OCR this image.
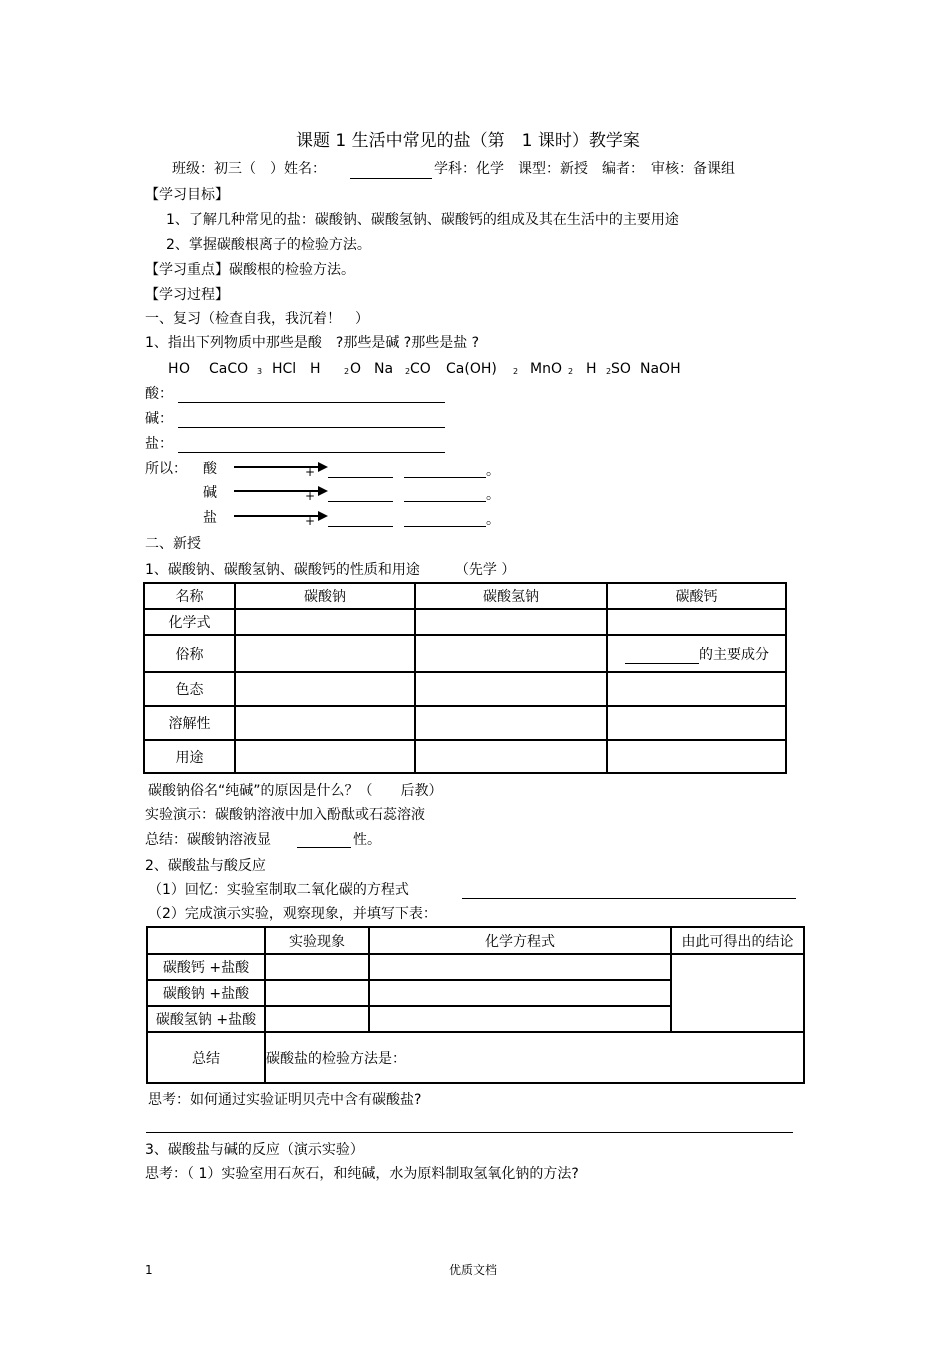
课题 1 生活中常见的盐（第　1 课时）教学案
班级：初三（　）姓名：	学科：化学　课型：新授　编者：　审核：备课组
【学习目标】
1、了解几种常见的盐：碳酸钠、碳酸氢钠、碳酸钙的组成及其在生活中的主要用途
2、掌握碳酸根离子的检验方法。
【学习重点】碳酸根的检验方法。
【学习过程】
一、复习（检查自我，我沉着！　）
1、指出下列物质中那些是酸　?那些是碱 ?那些是盐 ?
H O CaCO 3 HCl H	2 O Na 2 CO Ca(OH) 2 MnO 2 H 2 SO NaOH
酸：
碱：
盐：
所以： 酸	+	。
碱	+	。
盐	+	。
二、新授
1、碳酸钠、碳酸氢钠、碳酸钙的性质和用途　　　（先学 ）
名称	碳酸钠	碳酸氢钠	碳酸钙
化学式			
俗称			的主要成分
色态			
溶解性			
用途			
碳酸钠俗名“纯碱”的原因是什么？（　　后教）
实验演示：碳酸钠溶液中加入酚酞或石蕊溶液
总结：碳酸钠溶液显	性。
2、碳酸盐与酸反应
（1）回忆：实验室制取二氧化碳的方程式
（2）完成演示实验，观察现象，并填写下表：
	实验现象	化学方程式	由此可得出的结论
碳酸钙 +盐酸			
碳酸钠 +盐酸			
碳酸氢钠 +盐酸			
总结	碳酸盐的检验方法是：		
思考：如何通过实验证明贝壳中含有碳酸盐?
3、碳酸盐与碱的反应（演示实验）
思考：（ 1）实验室用石灰石，和纯碱，水为原料制取氢氧化钠的方法?
1	优质文档
